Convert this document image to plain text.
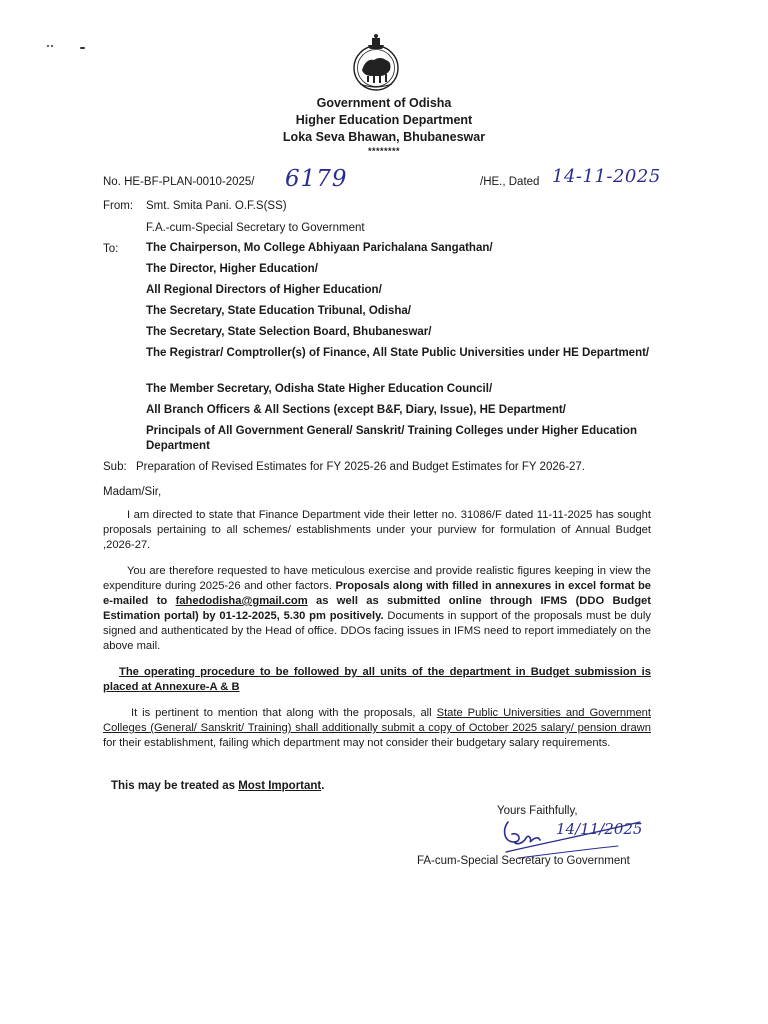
Government of Odisha
Higher Education Department
Loka Seva Bhawan, Bhubaneswar
********
No. HE-BF-PLAN-0010-2025/ 6179	/HE., Dated 14-11-2025
From: Smt. Smita Pani. O.F.S(SS)
F.A.-cum-Special Secretary to Government
To: The Chairperson, Mo College Abhiyaan Parichalana Sangathan/
The Director, Higher Education/
All Regional Directors of Higher Education/
The Secretary, State Education Tribunal, Odisha/
The Secretary, State Selection Board, Bhubaneswar/
The Registrar/ Comptroller(s) of Finance, All State Public Universities under HE Department/
The Member Secretary, Odisha State Higher Education Council/
All Branch Officers & All Sections (except B&F, Diary, Issue), HE Department/
Principals of All Government General/ Sanskrit/ Training Colleges under Higher Education Department
Sub: Preparation of Revised Estimates for FY 2025-26 and Budget Estimates for FY 2026-27.
Madam/Sir,
I am directed to state that Finance Department vide their letter no. 31086/F dated 11-11-2025 has sought proposals pertaining to all schemes/ establishments under your purview for formulation of Annual Budget ,2026-27.
You are therefore requested to have meticulous exercise and provide realistic figures keeping in view the expenditure during 2025-26 and other factors. Proposals along with filled in annexures in excel format be e-mailed to fahedodisha@gmail.com as well as submitted online through IFMS (DDO Budget Estimation portal) by 01-12-2025, 5.30 pm positively. Documents in support of the proposals must be duly signed and authenticated by the Head of office. DDOs facing issues in IFMS need to report immediately on the above mail.
The operating procedure to be followed by all units of the department in Budget submission is placed at Annexure-A & B
It is pertinent to mention that along with the proposals, all State Public Universities and Government Colleges (General/ Sanskrit/ Training) shall additionally submit a copy of October 2025 salary/ pension drawn for their establishment, failing which department may not consider their budgetary salary requirements.
This may be treated as Most Important.
Yours Faithfully,
14/11/2025
FA-cum-Special Secretary to Government
